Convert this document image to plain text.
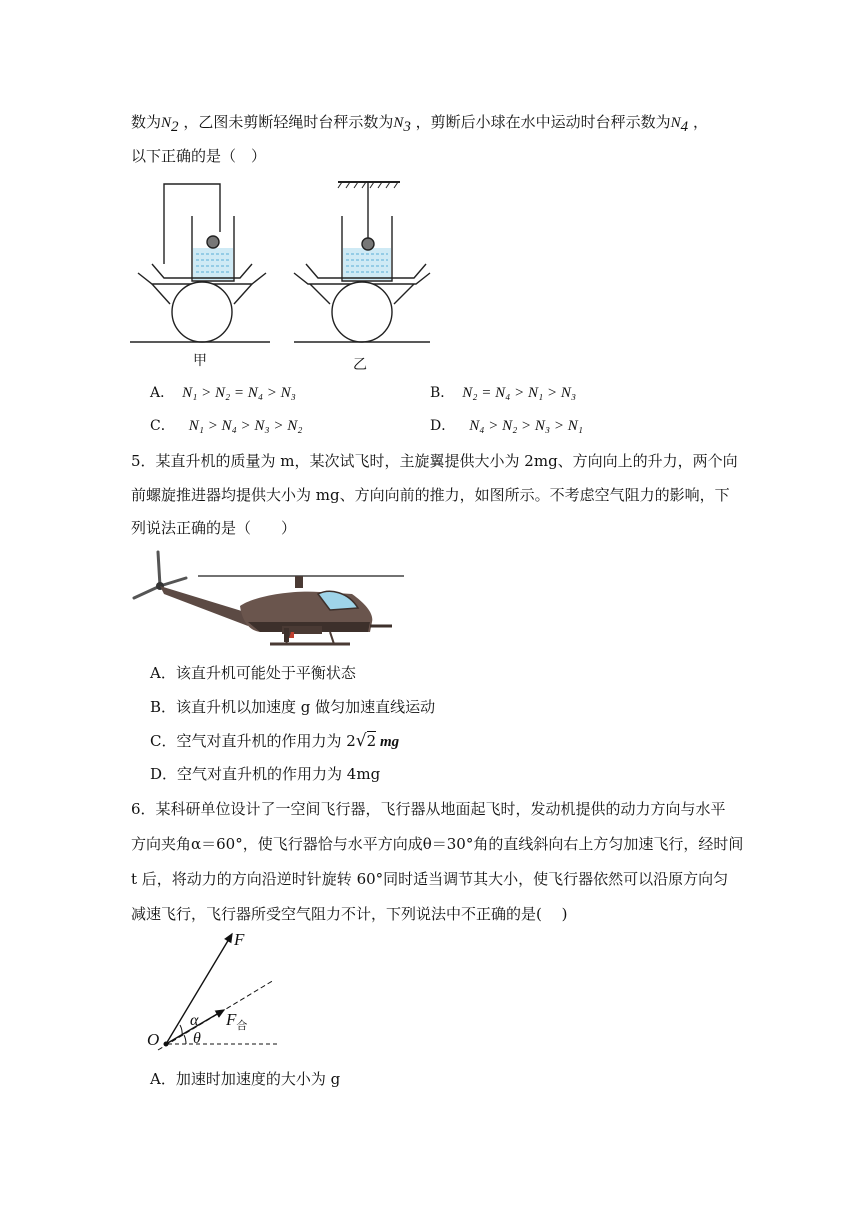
数为$N_2$ ，乙图未剪断轻绳时台秤示数为$N_3$ ，剪断后小球在水中运动时台秤示数为$N_4$ ，
以下正确的是（　）
甲	乙
A． N₁ > N₂ = N₄ > N₃	B． N₂ = N₄ > N₁ > N₃
C． N₁ > N₄ > N₃ > N₂	D． N₄ > N₂ > N₃ > N₁
5．某直升机的质量为 m，某次试飞时，主旋翼提供大小为 2mg、方向向上的升力，两个向
前螺旋推进器均提供大小为 mg、方向向前的推力，如图所示。不考虑空气阻力的影响，下
列说法正确的是（　　）
A．该直升机可能处于平衡状态
B．该直升机以加速度 g 做匀加速直线运动
C．空气对直升机的作用力为 2√2 mg
D．空气对直升机的作用力为 4mg
6．某科研单位设计了一空间飞行器，飞行器从地面起飞时，发动机提供的动力方向与水平
方向夹角α＝60°，使飞行器恰与水平方向成θ＝30°角的直线斜向右上方匀加速飞行，经时间
t 后，将动力的方向沿逆时针旋转 60°同时适当调节其大小，使飞行器依然可以沿原方向匀
减速飞行，飞行器所受空气阻力不计，下列说法中不正确的是(　 )
F
α $F_合$
O θ
A．加速时加速度的大小为 g
